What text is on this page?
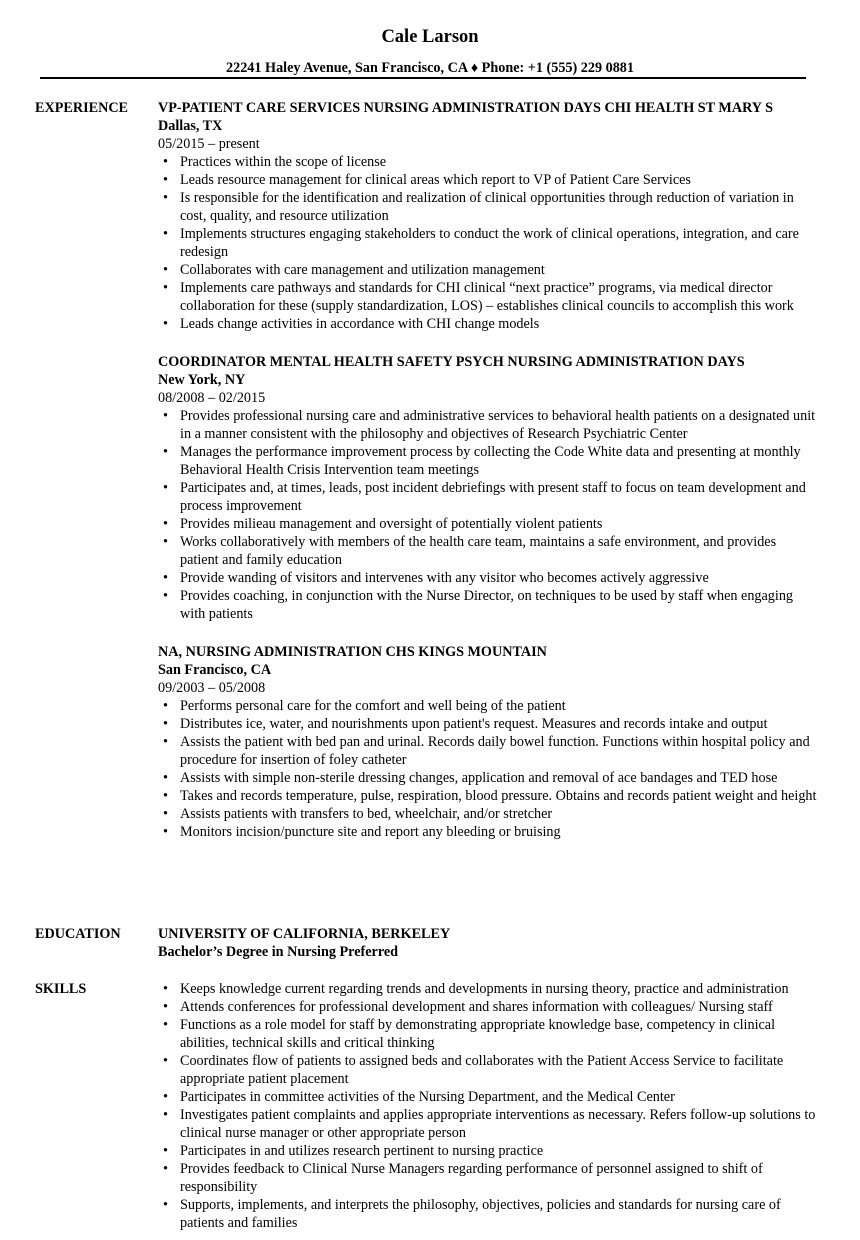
Cale Larson
22241 Haley Avenue, San Francisco, CA ♦ Phone: +1 (555) 229 0881
EXPERIENCE VP-PATIENT CARE SERVICES NURSING ADMINISTRATION DAYS CHI HEALTH ST MARY S
Dallas, TX
05/2015 – present
• Practices within the scope of license
• Leads resource management for clinical areas which report to VP of Patient Care Services
• Is responsible for the identification and realization of clinical opportunities through reduction of variation in cost, quality, and resource utilization
• Implements structures engaging stakeholders to conduct the work of clinical operations, integration, and care redesign
• Collaborates with care management and utilization management
• Implements care pathways and standards for CHI clinical “next practice” programs, via medical director collaboration for these (supply standardization, LOS) – establishes clinical councils to accomplish this work
• Leads change activities in accordance with CHI change models
COORDINATOR MENTAL HEALTH SAFETY PSYCH NURSING ADMINISTRATION DAYS
New York, NY
08/2008 – 02/2015
• Provides professional nursing care and administrative services to behavioral health patients on a designated unit in a manner consistent with the philosophy and objectives of Research Psychiatric Center
• Manages the performance improvement process by collecting the Code White data and presenting at monthly Behavioral Health Crisis Intervention team meetings
• Participates and, at times, leads, post incident debriefings with present staff to focus on team development and process improvement
• Provides milieau management and oversight of potentially violent patients
• Works collaboratively with members of the health care team, maintains a safe environment, and provides patient and family education
• Provide wanding of visitors and intervenes with any visitor who becomes actively aggressive
• Provides coaching, in conjunction with the Nurse Director, on techniques to be used by staff when engaging with patients
NA, NURSING ADMINISTRATION CHS KINGS MOUNTAIN
San Francisco, CA
09/2003 – 05/2008
• Performs personal care for the comfort and well being of the patient
• Distributes ice, water, and nourishments upon patient's request. Measures and records intake and output
• Assists the patient with bed pan and urinal. Records daily bowel function. Functions within hospital policy and procedure for insertion of foley catheter
• Assists with simple non-sterile dressing changes, application and removal of ace bandages and TED hose
• Takes and records temperature, pulse, respiration, blood pressure. Obtains and records patient weight and height
• Assists patients with transfers to bed, wheelchair, and/or stretcher
• Monitors incision/puncture site and report any bleeding or bruising
EDUCATION	UNIVERSITY OF CALIFORNIA, BERKELEY
Bachelor’s Degree in Nursing Preferred
SKILLS
•	Keeps knowledge current regarding trends and developments in nursing theory, practice and administration
• Attends conferences for professional development and shares information with colleagues/ Nursing staff
• Functions as a role model for staff by demonstrating appropriate knowledge base, competency in clinical abilities, technical skills and critical thinking
• Coordinates flow of patients to assigned beds and collaborates with the Patient Access Service to facilitate appropriate patient placement
• Participates in committee activities of the Nursing Department, and the Medical Center
• Investigates patient complaints and applies appropriate interventions as necessary. Refers follow-up solutions to clinical nurse manager or other appropriate person
• Participates in and utilizes research pertinent to nursing practice
• Provides feedback to Clinical Nurse Managers regarding performance of personnel assigned to shift of responsibility
• Supports, implements, and interprets the philosophy, objectives, policies and standards for nursing care of patients and families
